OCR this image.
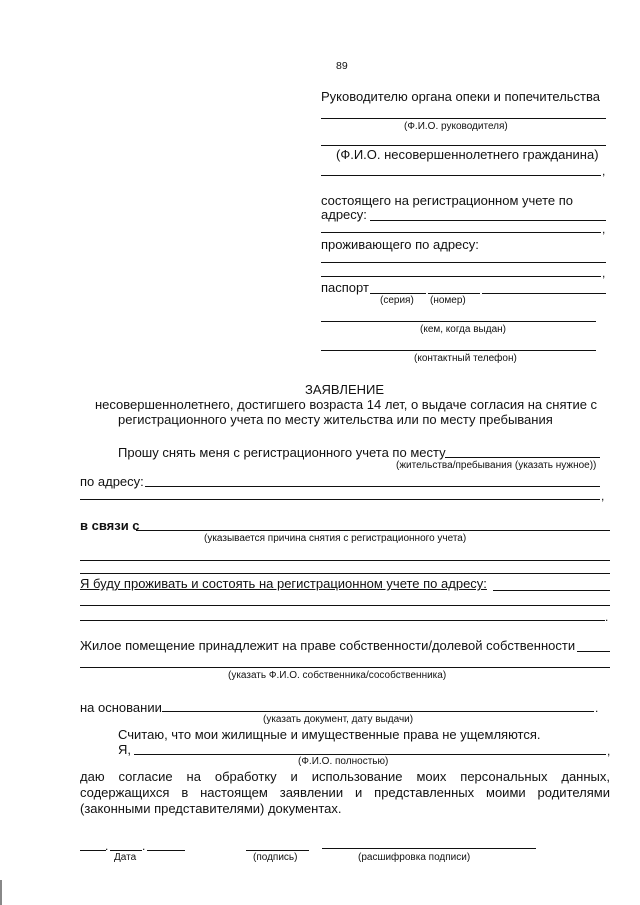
89
Руководителю органа опеки и попечительства
(Ф.И.О. руководителя)
(Ф.И.О. несовершеннолетнего гражданина)
,
состоящего на регистрационном учете по
адресу:
,
проживающего по адресу:
,
паспорт
(серия) (номер)
(кем, когда выдан)
(контактный телефон)
ЗАЯВЛЕНИЕ
несовершеннолетнего, достигшего возраста 14 лет, о выдаче согласия на снятие с
регистрационного учета по месту жительства или по месту пребывания
Прошу снять меня с регистрационного учета по месту
(жительства/пребывания (указать нужное))
по адресу:
,
в связи с
(указывается причина снятия с регистрационного учета)
Я буду проживать и состоять на регистрационном учете по адресу:
.
Жилое помещение принадлежит на праве собственности/долевой собственности
(указать Ф.И.О. собственника/сособственника)
на основании	.
(указать документ, дату выдачи)
Считаю, что мои жилищные и имущественные права не ущемляются.
Я,	,
(Ф.И.О. полностью)
даю согласие на обработку и использование моих персональных данных,
содержащихся в настоящем заявлении и представленных моими родителями
(законными представителями) документах.
.	.
Дата	(подпись)	(расшифровка подписи)
